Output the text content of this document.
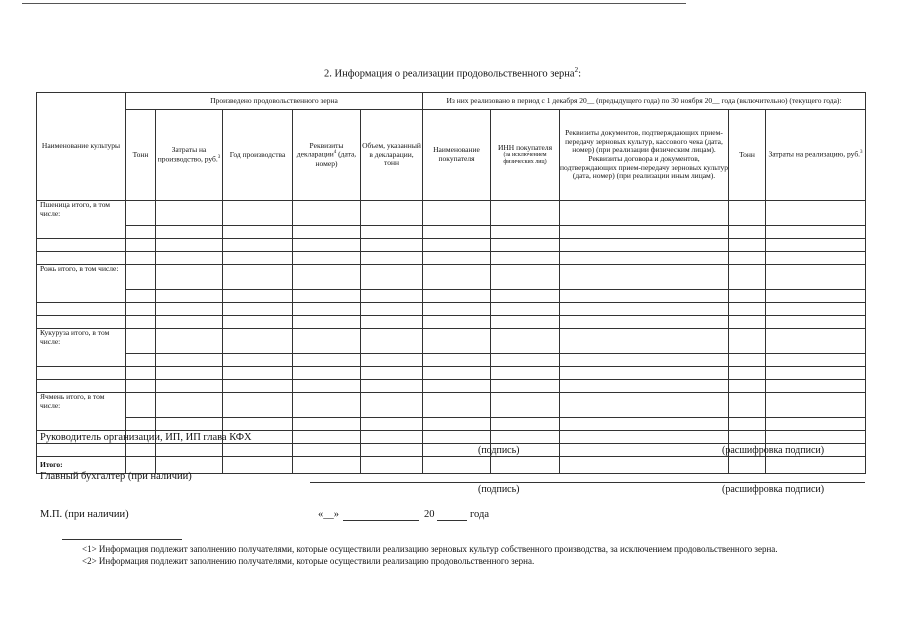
2. Информация о реализации продовольственного зерна$^2$:
Наименование культуры	Произведено продовольственного зерна					Из них реализовано в период с 1 декабря 20__ (предыдущего года) по 30 ноября 20__ года (включительно) (текущего года):				
	Тонн	Затраты на производство, руб.$^3$	Год производства	Реквизиты декларации$^4$ (дата, номер)	Объем, указанный в декларации, тонн	Наименование покупателя	ИНН покупателя
(за исключением физических лиц)	Реквизиты документов, подтверждающих прием-передачу зерновых культур, кассового чека (дата, номер) (при реализации физическим лицам). Реквизиты договора и документов, подтверждающих прием-передачу зерновых культур (дата, номер) (при реализации иным лицам).	Тонн	Затраты на реализацию, руб.$^3$
Пшеница итого, в том числе:										

Рожь итого, в том числе:										

Кукуруза итого, в том числе:										

Ячмень итого, в том числе:										

Итого:										
Руководитель организации, ИП, ИП глава КФХ
(подпись)	(расшифровка подписи)
Главный бухгалтер (при наличии)
(подпись)	(расшифровка подписи)
М.П. (при наличии)	«__»	20	года
<1> Информация подлежит заполнению получателями, которые осуществили реализацию зерновых культур собственного производства, за исключением продовольственного зерна.
<2> Информация подлежит заполнению получателями, которые осуществили реализацию продовольственного зерна.
